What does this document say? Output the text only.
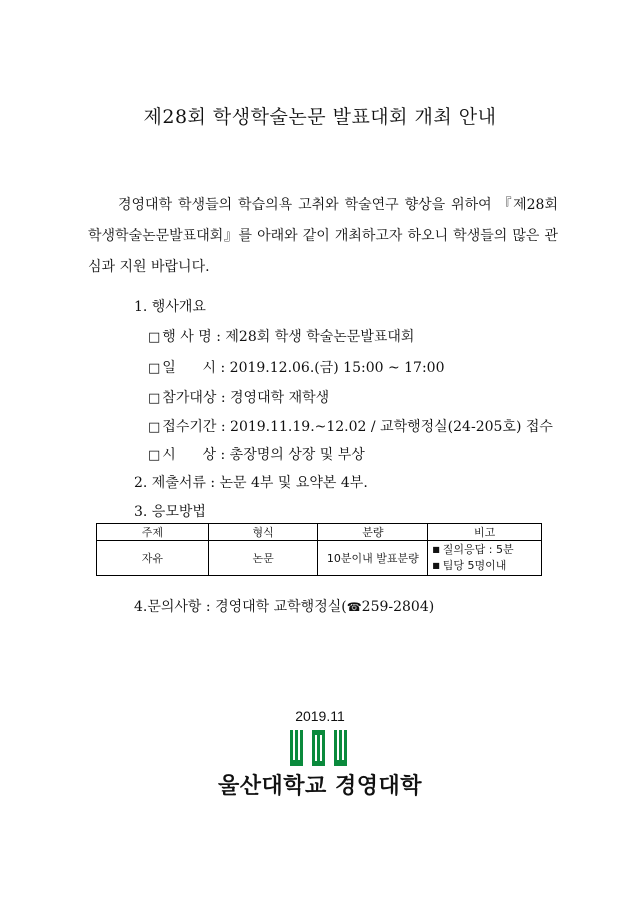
제28회 학생학술논문 발표대회 개최 안내
경영대학 학생들의 학습의욕 고취와 학술연구 향상을 위하여 『제28회 학생학술논문발표대회』를 아래와 같이 개최하고자 하오니 학생들의 많은 관심과 지원 바랍니다.
1. 행사개요
□ 행 사 명 : 제28회 학생 학술논문발표대회
□ 일      시 : 2019.12.06.(금) 15:00 ~ 17:00
□ 참가대상 : 경영대학 재학생
□ 접수기간 : 2019.11.19.~12.02 / 교학행정실(24-205호) 접수
□ 시      상 : 총장명의 상장 및 부상
2. 제출서류 : 논문 4부 및 요약본 4부.
3. 응모방법
주제	형식	분량	비고
자유	논문	10분이내 발표분량	■ 질의응답 : 5분
■ 팀당 5명이내
4.문의사항 : 경영대학 교학행정실(☎259-2804)
2019.11
울산대학교 경영대학
